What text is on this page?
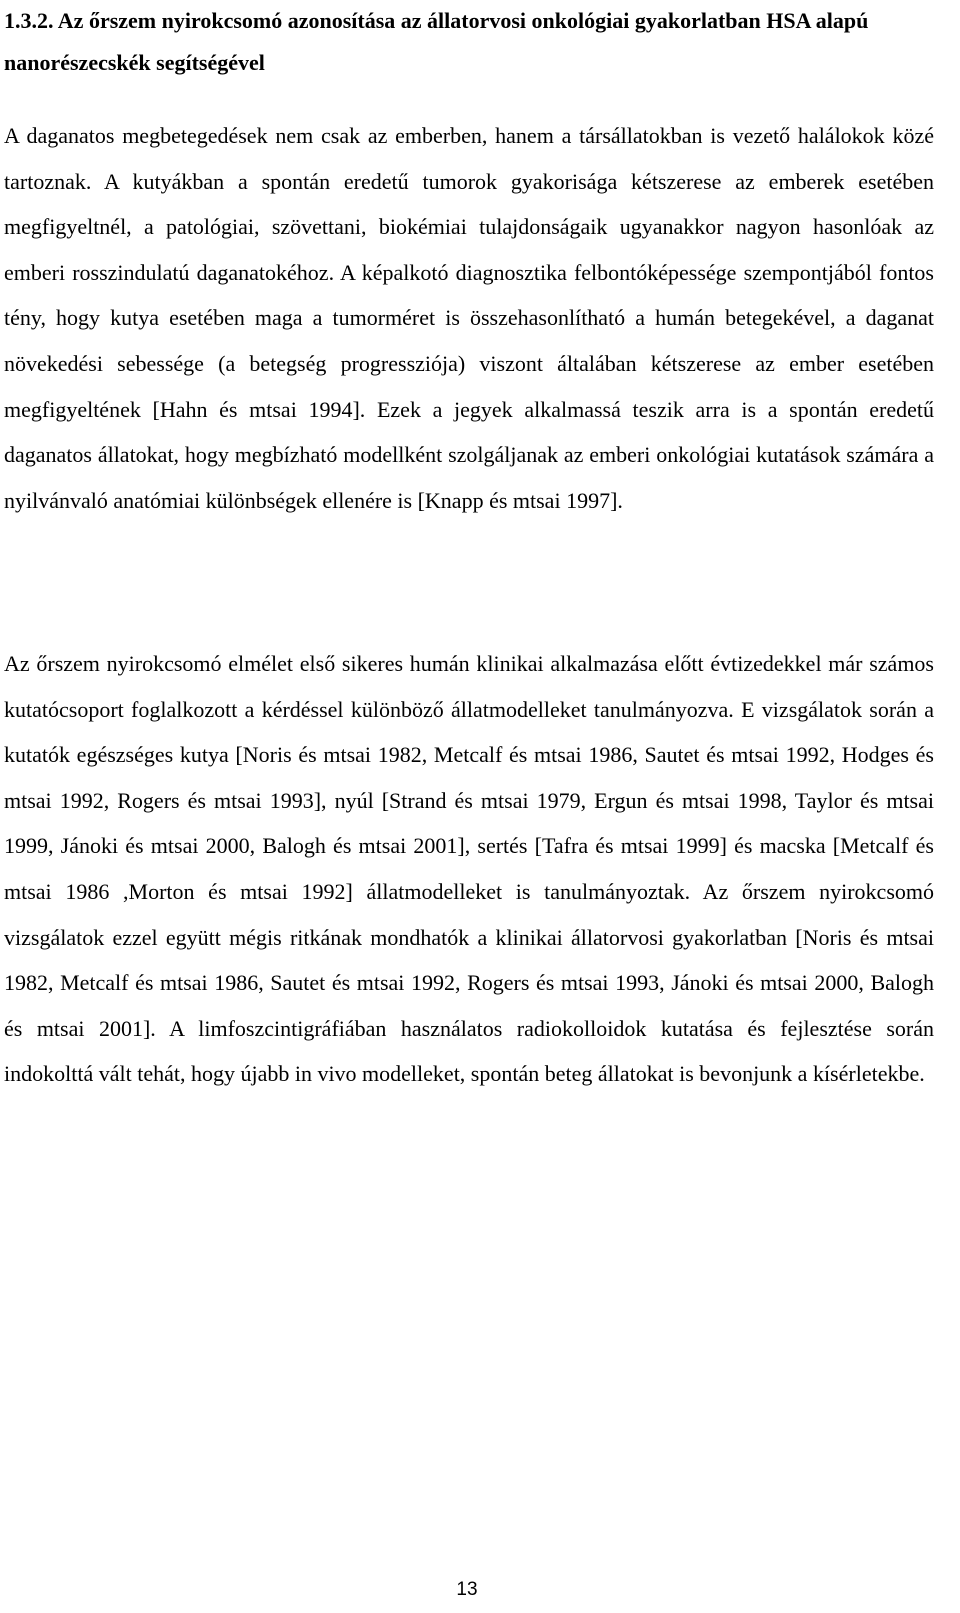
1.3.2. Az őrszem nyirokcsomó azonosítása az állatorvosi onkológiai gyakorlatban HSA alapú nanorészecskék segítségével

A daganatos megbetegedések nem csak az emberben, hanem a társállatokban is vezető halálokok közé tartoznak. A kutyákban a spontán eredetű tumorok gyakorisága kétszerese az emberek esetében megfigyeltnél, a patológiai, szövettani, biokémiai tulajdonságaik ugyanakkor nagyon hasonlóak az emberi rosszindulatú daganatokéhoz. A képalkotó diagnosztika felbontóképessége szempontjából fontos tény, hogy kutya esetében maga a tumorméret is összehasonlítható a humán betegekével, a daganat növekedési sebessége (a betegség progressziója) viszont általában kétszerese az ember esetében megfigyeltének [Hahn és mtsai 1994]. Ezek a jegyek alkalmassá teszik arra is a spontán eredetű daganatos állatokat, hogy megbízható modellként szolgáljanak az emberi onkológiai kutatások számára a nyilvánvaló anatómiai különbségek ellenére is [Knapp és mtsai 1997].

Az őrszem nyirokcsomó elmélet első sikeres humán klinikai alkalmazása előtt évtizedekkel már számos kutatócsoport foglalkozott a kérdéssel különböző állatmodelleket tanulmányozva. E vizsgálatok során a kutatók egészséges kutya [Noris és mtsai 1982, Metcalf és mtsai 1986, Sautet és mtsai 1992, Hodges és mtsai 1992, Rogers és mtsai 1993], nyúl [Strand és mtsai 1979, Ergun és mtsai 1998, Taylor és mtsai 1999, Jánoki és mtsai 2000, Balogh és mtsai 2001], sertés [Tafra és mtsai 1999] és macska [Metcalf és mtsai 1986 ,Morton és mtsai 1992] állatmodelleket is tanulmányoztak. Az őrszem nyirokcsomó vizsgálatok ezzel együtt mégis ritkának mondhatók a klinikai állatorvosi gyakorlatban [Noris és mtsai 1982, Metcalf és mtsai 1986, Sautet és mtsai 1992, Rogers és mtsai 1993, Jánoki és mtsai 2000, Balogh és mtsai 2001]. A limfoszcintigráfiában használatos radiokolloidok kutatása és fejlesztése során indokolttá vált tehát, hogy újabb in vivo modelleket, spontán beteg állatokat is bevonjunk a kísérletekbe.

13
